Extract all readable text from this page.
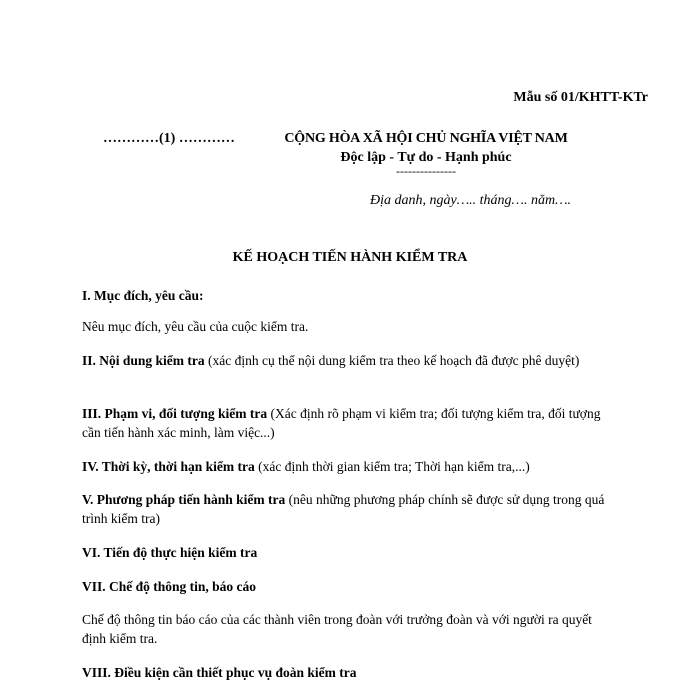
Mẫu số 01/KHTT-KTr
…………(1) …………	CỘNG HÒA XÃ HỘI CHỦ NGHĨA VIỆT NAM
Độc lập - Tự do - Hạnh phúc
---------------
Địa danh, ngày….. tháng…. năm….
KẾ HOẠCH TIẾN HÀNH KIỂM TRA
I. Mục đích, yêu cầu:
Nêu mục đích, yêu cầu của cuộc kiểm tra.
II. Nội dung kiểm tra (xác định cụ thể nội dung kiểm tra theo kế hoạch đã được phê duyệt)
III. Phạm vi, đối tượng kiểm tra (Xác định rõ phạm vi kiểm tra; đối tượng kiểm tra, đối tượng cần tiến hành xác minh, làm việc...)
IV. Thời kỳ, thời hạn kiểm tra (xác định thời gian kiểm tra; Thời hạn kiểm tra,...)
V. Phương pháp tiến hành kiểm tra (nêu những phương pháp chính sẽ được sử dụng trong quá trình kiểm tra)
VI. Tiến độ thực hiện kiểm tra
VII. Chế độ thông tin, báo cáo
Chế độ thông tin báo cáo của các thành viên trong đoàn với trưởng đoàn và với người ra quyết định kiểm tra.
VIII. Điều kiện cần thiết phục vụ đoàn kiểm tra
